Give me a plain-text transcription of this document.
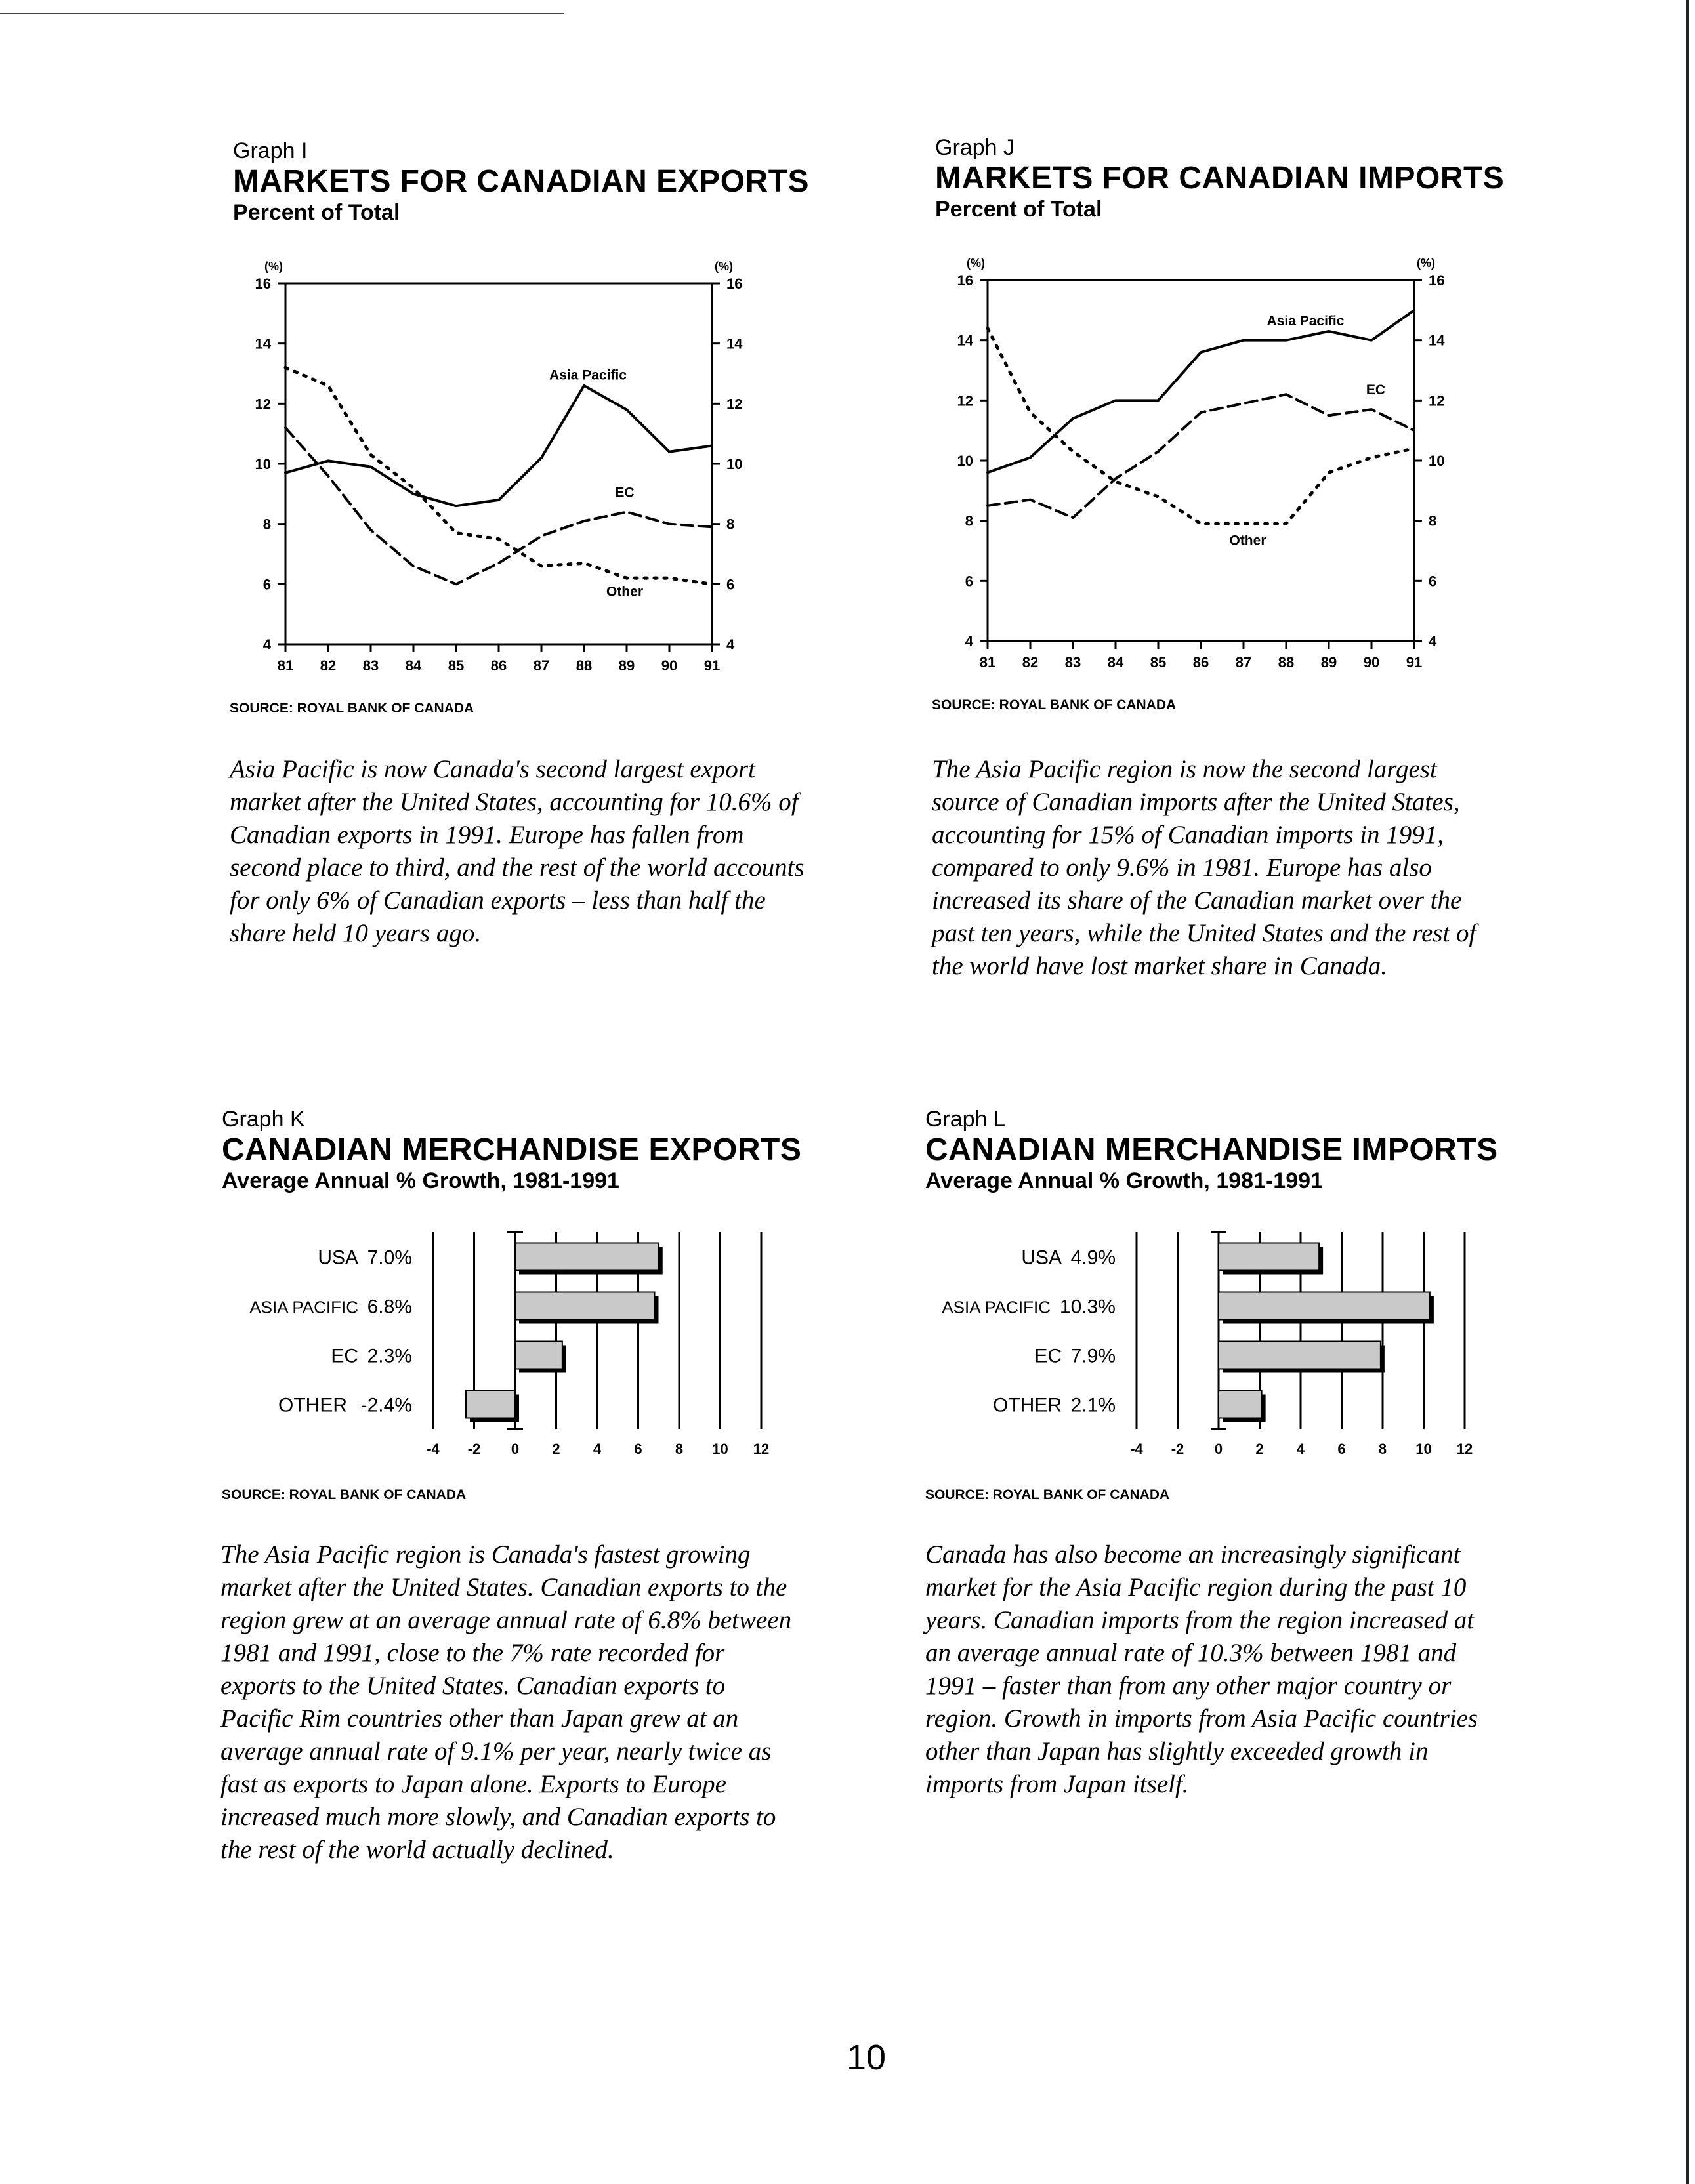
Graph I
MARKETS FOR CANADIAN EXPORTS
Percent of Total
(%)	(%)
4	4
6	6
8	8
10	10
12	12
14	14
16	16
81 82 83 84 85 86 87 88 89 90 91
Asia Pacific
EC
Other
SOURCE: ROYAL BANK OF CANADA

Asia Pacific is now Canada's second largest export market after the United States, accounting for 10.6% of Canadian exports in 1991. Europe has fallen from second place to third, and the rest of the world accounts for only 6% of Canadian exports – less than half the share held 10 years ago.

Graph J
MARKETS FOR CANADIAN IMPORTS
Percent of Total
(%)	(%)
4	4
6	6
8	8
10	10
12	12
14	14
16	16
81 82 83 84 85 86 87 88 89 90 91
Asia Pacific
EC
Other
SOURCE: ROYAL BANK OF CANADA

The Asia Pacific region is now the second largest source of Canadian imports after the United States, accounting for 15% of Canadian imports in 1991, compared to only 9.6% in 1981. Europe has also increased its share of the Canadian market over the past ten years, while the United States and the rest of the world have lost market share in Canada.

Graph K
CANADIAN MERCHANDISE EXPORTS
Average Annual % Growth, 1981-1991
-4 -2 0 2 4 6 8 10 12
7.0%
USA
6.8%
ASIA PACIFIC
2.3%
EC
-2.4%
OTHER
SOURCE: ROYAL BANK OF CANADA

The Asia Pacific region is Canada's fastest growing market after the United States. Canadian exports to the region grew at an average annual rate of 6.8% between 1981 and 1991, close to the 7% rate recorded for exports to the United States. Canadian exports to Pacific Rim countries other than Japan grew at an average annual rate of 9.1% per year, nearly twice as fast as exports to Japan alone. Exports to Europe increased much more slowly, and Canadian exports to the rest of the world actually declined.

Graph L
CANADIAN MERCHANDISE IMPORTS
Average Annual % Growth, 1981-1991
-4 -2 0 2 4 6 8 10 12
4.9%
USA
10.3%
ASIA PACIFIC
7.9%
EC
2.1%
OTHER
SOURCE: ROYAL BANK OF CANADA

Canada has also become an increasingly significant market for the Asia Pacific region during the past 10 years. Canadian imports from the region increased at an average annual rate of 10.3% between 1981 and 1991 – faster than from any other major country or region. Growth in imports from Asia Pacific countries other than Japan has slightly exceeded growth in imports from Japan itself.

10
